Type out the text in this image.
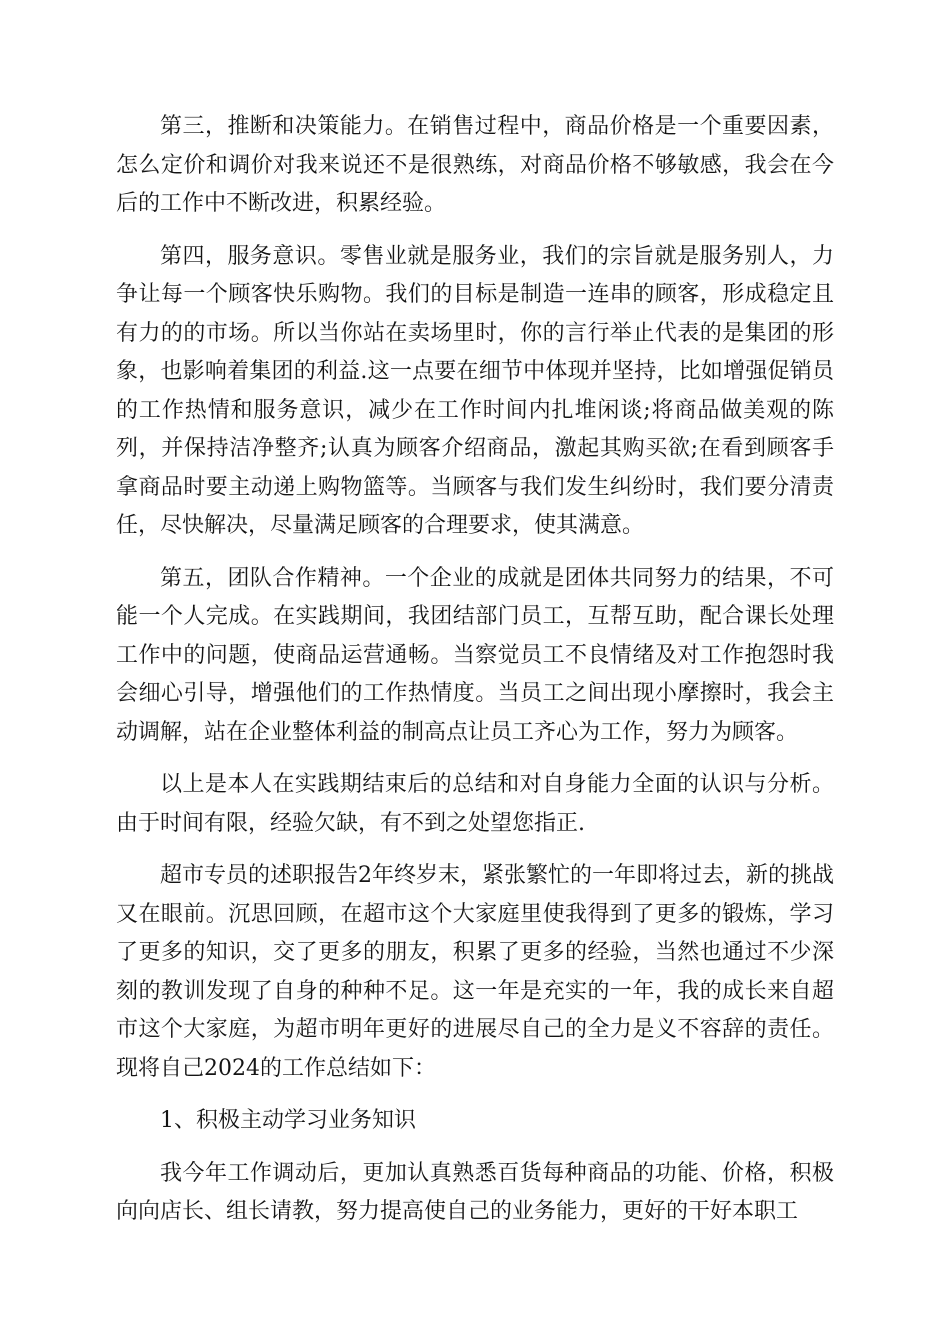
第三，推断和决策能力。在销售过程中，商品价格是一个重要因素，怎么定价和调价对我来说还不是很熟练，对商品价格不够敏感，我会在今后的工作中不断改进，积累经验。

第四，服务意识。零售业就是服务业，我们的宗旨就是服务别人，力争让每一个顾客快乐购物。我们的目标是制造一连串的顾客，形成稳定且有力的的市场。所以当你站在卖场里时，你的言行举止代表的是集团的形象，也影响着集团的利益.这一点要在细节中体现并坚持，比如增强促销员的工作热情和服务意识，减少在工作时间内扎堆闲谈;将商品做美观的陈列，并保持洁净整齐;认真为顾客介绍商品，激起其购买欲;在看到顾客手拿商品时要主动递上购物篮等。当顾客与我们发生纠纷时，我们要分清责任，尽快解决，尽量满足顾客的合理要求，使其满意。

第五，团队合作精神。一个企业的成就是团体共同努力的结果，不可能一个人完成。在实践期间，我团结部门员工，互帮互助，配合课长处理工作中的问题，使商品运营通畅。当察觉员工不良情绪及对工作抱怨时我会细心引导，增强他们的工作热情度。当员工之间出现小摩擦时，我会主动调解，站在企业整体利益的制高点让员工齐心为工作，努力为顾客。

以上是本人在实践期结束后的总结和对自身能力全面的认识与分析。由于时间有限，经验欠缺，有不到之处望您指正.

超市专员的述职报告2年终岁末，紧张繁忙的一年即将过去，新的挑战又在眼前。沉思回顾，在超市这个大家庭里使我得到了更多的锻炼，学习了更多的知识，交了更多的朋友，积累了更多的经验，当然也通过不少深刻的教训发现了自身的种种不足。这一年是充实的一年，我的成长来自超市这个大家庭，为超市明年更好的进展尽自己的全力是义不容辞的责任。现将自己2024的工作总结如下：

1、积极主动学习业务知识

我今年工作调动后，更加认真熟悉百货每种商品的功能、价格，积极向向店长、组长请教，努力提高使自己的业务能力，更好的干好本职工
